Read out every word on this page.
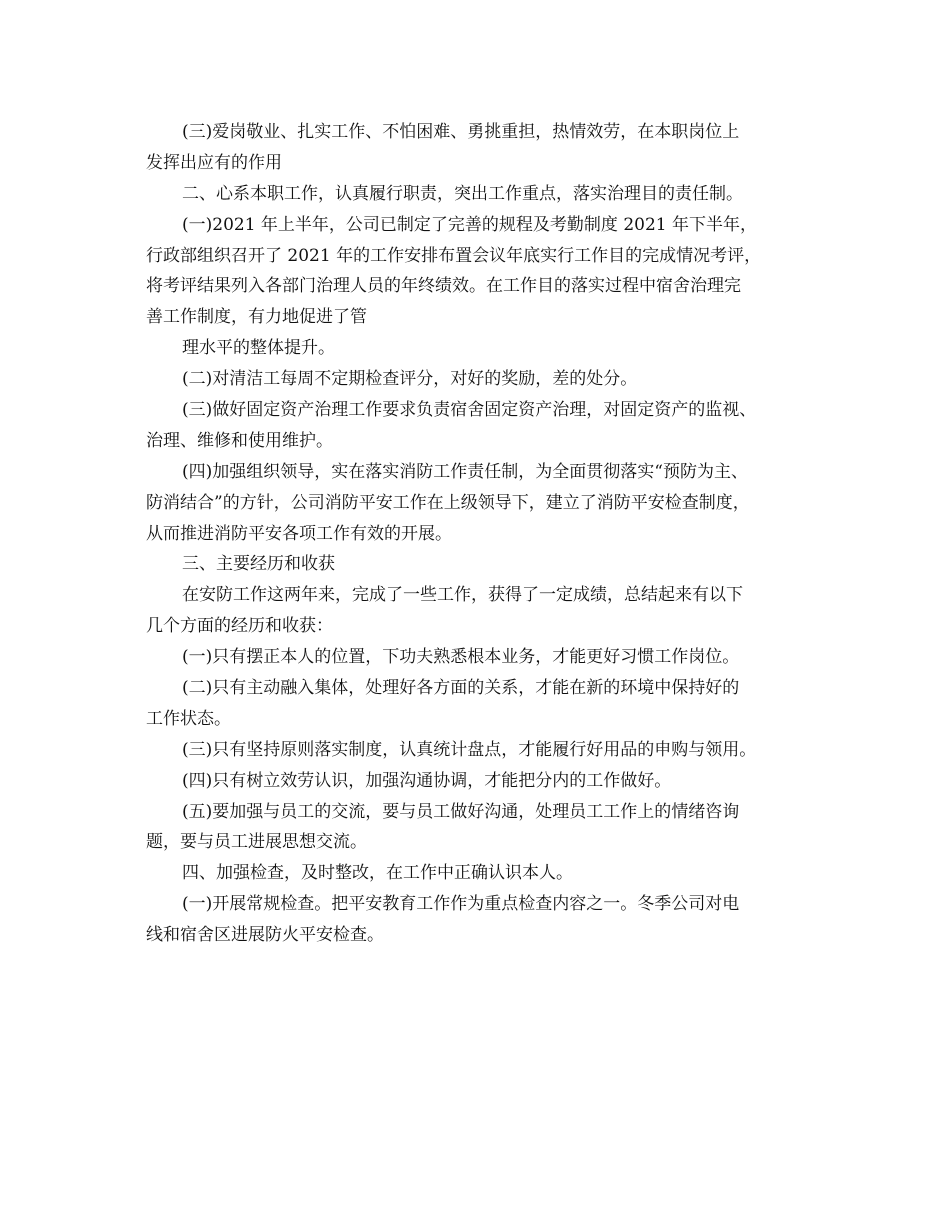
(三)爱岗敬业、扎实工作、不怕困难、勇挑重担，热情效劳，在本职岗位上
发挥出应有的作用
二、心系本职工作，认真履行职责，突出工作重点，落实治理目的责任制。
(一)2021 年上半年，公司已制定了完善的规程及考勤制度 2021 年下半年，
行政部组织召开了 2021 年的工作安排布置会议年底实行工作目的完成情况考评，
将考评结果列入各部门治理人员的年终绩效。在工作目的落实过程中宿舍治理完
善工作制度，有力地促进了管
理水平的整体提升。
(二)对清洁工每周不定期检查评分，对好的奖励，差的处分。
(三)做好固定资产治理工作要求负责宿舍固定资产治理，对固定资产的监视、
治理、维修和使用维护。
(四)加强组织领导，实在落实消防工作责任制，为全面贯彻落实“预防为主、
防消结合”的方针，公司消防平安工作在上级领导下，建立了消防平安检查制度，
从而推进消防平安各项工作有效的开展。
三、主要经历和收获
在安防工作这两年来，完成了一些工作，获得了一定成绩，总结起来有以下
几个方面的经历和收获：
(一)只有摆正本人的位置，下功夫熟悉根本业务，才能更好习惯工作岗位。
(二)只有主动融入集体，处理好各方面的关系，才能在新的环境中保持好的
工作状态。
(三)只有坚持原则落实制度，认真统计盘点，才能履行好用品的申购与领用。
(四)只有树立效劳认识，加强沟通协调，才能把分内的工作做好。
(五)要加强与员工的交流，要与员工做好沟通，处理员工工作上的情绪咨询
题，要与员工进展思想交流。
四、加强检查，及时整改，在工作中正确认识本人。
(一)开展常规检查。把平安教育工作作为重点检查内容之一。冬季公司对电
线和宿舍区进展防火平安检查。
